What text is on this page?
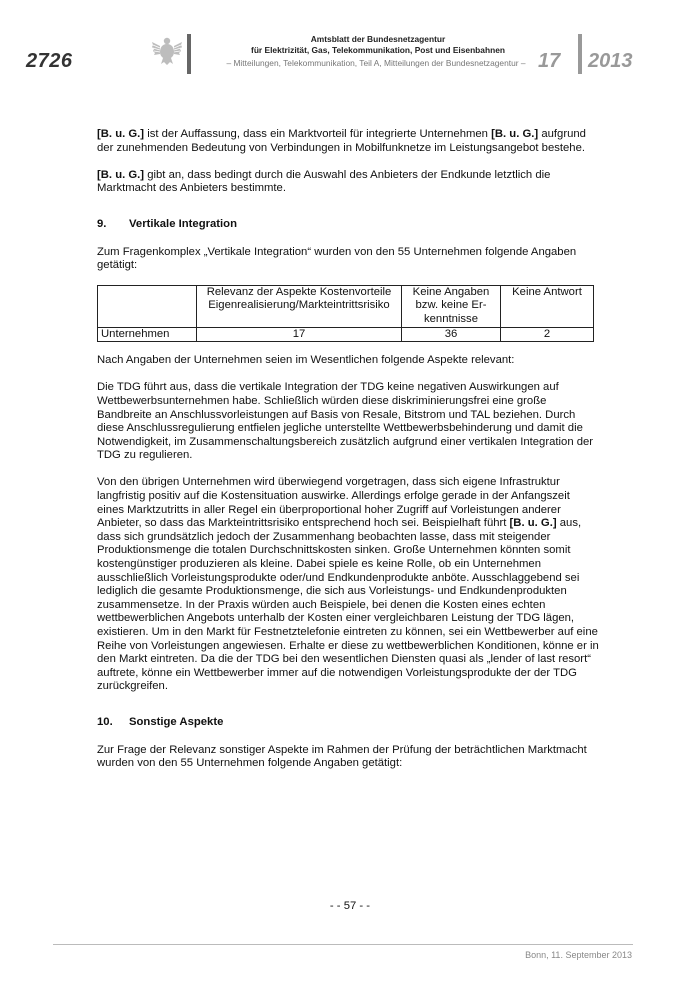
2726
Amtsblatt der Bundesnetzagentur
für Elektrizität, Gas, Telekommunikation, Post und Eisenbahnen
– Mitteilungen, Telekommunikation, Teil A, Mitteilungen der Bundesnetzagentur – 17 2013

[B. u. G.] ist der Auffassung, dass ein Marktvorteil für integrierte Unternehmen [B. u. G.] aufgrund der zunehmenden Bedeutung von Verbindungen in Mobilfunknetze im Leistungsangebot bestehe.

[B. u. G.] gibt an, dass bedingt durch die Auswahl des Anbieters der Endkunde letztlich die Marktmacht des Anbieters bestimmte.

9.	Vertikale Integration

Zum Fragenkomplex „Vertikale Integration“ wurden von den 55 Unternehmen folgende Angaben getätigt:

	Relevanz der Aspekte Kostenvorteile Eigenrealisierung/Markteintrittsrisiko	Keine Angaben bzw. keine Erkenntnisse	Keine Antwort
Unternehmen	17	36	2

Nach Angaben der Unternehmen seien im Wesentlichen folgende Aspekte relevant:

Die TDG führt aus, dass die vertikale Integration der TDG keine negativen Auswirkungen auf Wettbewerbsunternehmen habe. Schließlich würden diese diskriminierungsfrei eine große Bandbreite an Anschlussvorleistungen auf Basis von Resale, Bitstrom und TAL beziehen. Durch diese Anschlussregulierung entfielen jegliche unterstellte Wettbewerbsbehinderung und damit die Notwendigkeit, im Zusammenschaltungsbereich zusätzlich aufgrund einer vertikalen Integration der TDG zu regulieren.

Von den übrigen Unternehmen wird überwiegend vorgetragen, dass sich eigene Infrastruktur langfristig positiv auf die Kostensituation auswirke. Allerdings erfolge gerade in der Anfangszeit eines Marktzutritts in aller Regel ein überproportional hoher Zugriff auf Vorleistungen anderer Anbieter, so dass das Markteintrittsrisiko entsprechend hoch sei. Beispielhaft führt [B. u. G.] aus, dass sich grundsätzlich jedoch der Zusammenhang beobachten lasse, dass mit steigender Produktionsmenge die totalen Durchschnittskosten sinken. Große Unternehmen könnten somit kostengünstiger produzieren als kleine. Dabei spiele es keine Rolle, ob ein Unternehmen ausschließlich Vorleistungsprodukte oder/und Endkundenprodukte anböte. Ausschlaggebend sei lediglich die gesamte Produktionsmenge, die sich aus Vorleistungs- und Endkundenprodukten zusammensetze. In der Praxis würden auch Beispiele, bei denen die Kosten eines echten wettbewerblichen Angebots unterhalb der Kosten einer vergleichbaren Leistung der TDG lägen, existieren. Um in den Markt für Festnetztelefonie eintreten zu können, sei ein Wettbewerber auf eine Reihe von Vorleistungen angewiesen. Erhalte er diese zu wettbewerblichen Konditionen, könne er in den Markt eintreten. Da die der TDG bei den wesentlichen Diensten quasi als „lender of last resort“ auftrete, könne ein Wettbewerber immer auf die notwendigen Vorleistungsprodukte der der TDG zurückgreifen.

10.	Sonstige Aspekte

Zur Frage der Relevanz sonstiger Aspekte im Rahmen der Prüfung der beträchtlichen Marktmacht wurden von den 55 Unternehmen folgende Angaben getätigt:

- - 57 - -
Bonn, 11. September 2013
